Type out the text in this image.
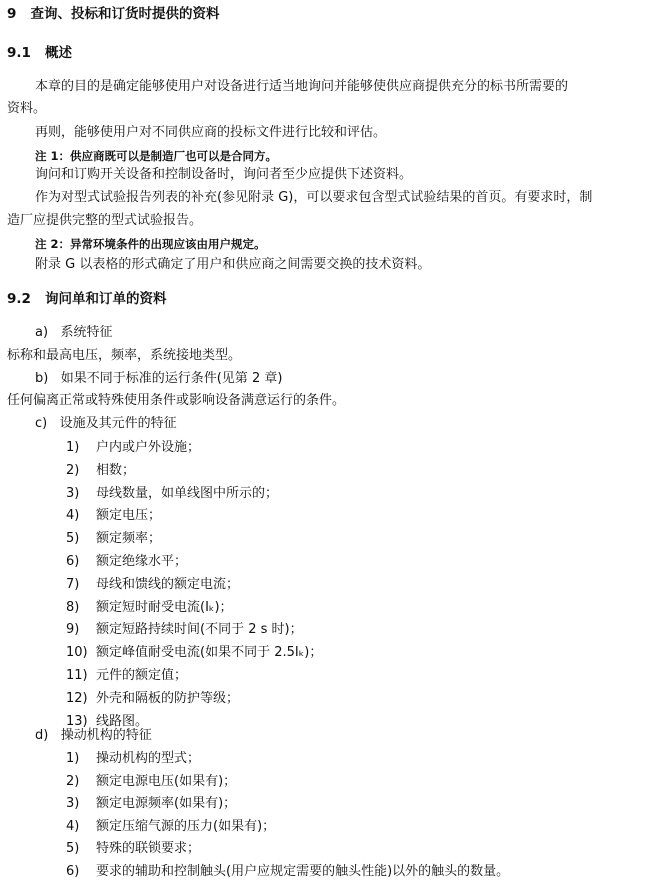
9 查询、投标和订货时提供的资料
9.1 概述
本章的目的是确定能够使用户对设备进行适当地询问并能够使供应商提供充分的标书所需要的
资料。
再则，能够使用户对不同供应商的投标文件进行比较和评估。
注 1：供应商既可以是制造厂也可以是合同方。
询问和订购开关设备和控制设备时，询问者至少应提供下述资料。
作为对型式试验报告列表的补充(参见附录 G)，可以要求包含型式试验结果的首页。有要求时，制
造厂应提供完整的型式试验报告。
注 2：异常环境条件的出现应该由用户规定。
附录 G 以表格的形式确定了用户和供应商之间需要交换的技术资料。
9.2 询问单和订单的资料
a) 系统特征
标称和最高电压，频率，系统接地类型。
b) 如果不同于标准的运行条件(见第 2 章)
任何偏离正常或特殊使用条件或影响设备满意运行的条件。
c) 设施及其元件的特征
1) 户内或户外设施；
2) 相数；
3) 母线数量，如单线图中所示的；
4) 额定电压；
5) 额定频率；
6) 额定绝缘水平；
7) 母线和馈线的额定电流；
8) 额定短时耐受电流(Iₖ)；
9) 额定短路持续时间(不同于 2 s 时)；
10) 额定峰值耐受电流(如果不同于 2.5Iₖ)；
11) 元件的额定值；
12) 外壳和隔板的防护等级；
13) 线路图。
d) 操动机构的特征
1) 操动机构的型式；
2) 额定电源电压(如果有)；
3) 额定电源频率(如果有)；
4) 额定压缩气源的压力(如果有)；
5) 特殊的联锁要求；
6) 要求的辅助和控制触头(用户应规定需要的触头性能)以外的触头的数量。
